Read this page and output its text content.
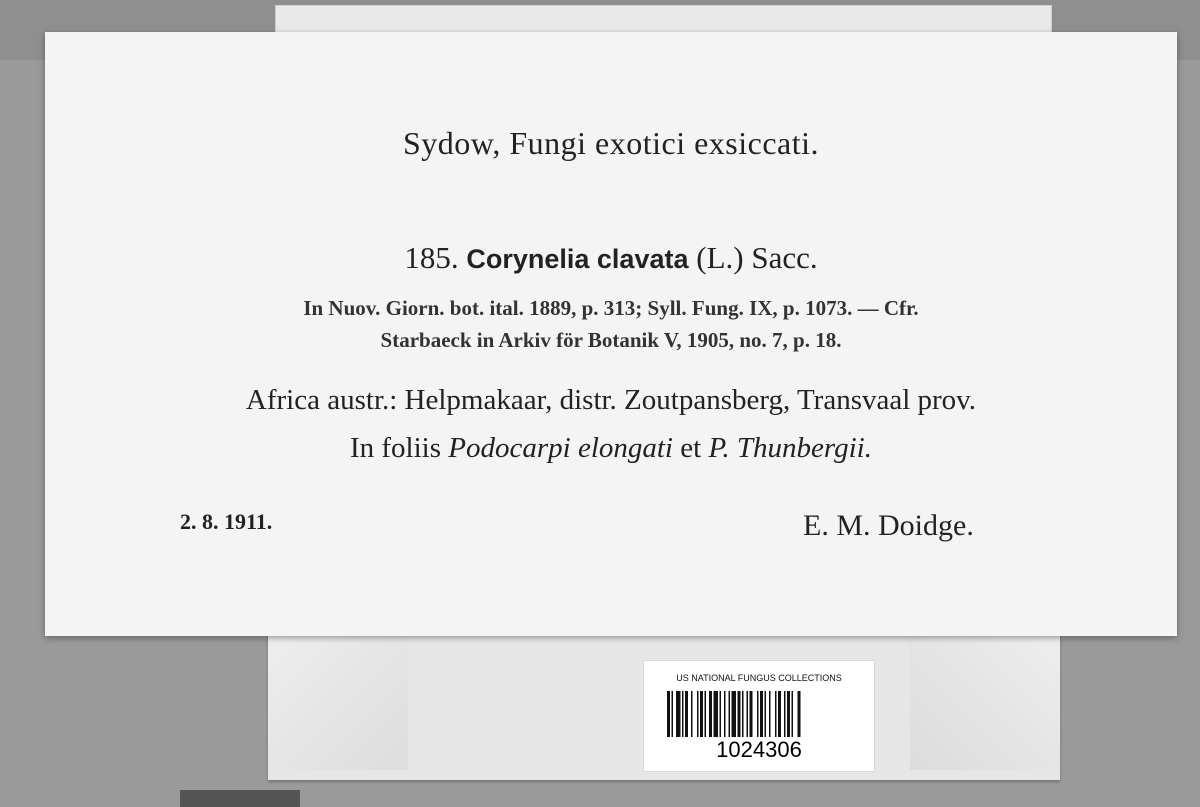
Sydow, Fungi exotici exsiccati.
185. Corynelia clavata (L.) Sacc.
In Nuov. Giorn. bot. ital. 1889, p. 313; Syll. Fung. IX, p. 1073. — Cfr.
Starbaeck in Arkiv för Botanik V, 1905, no. 7, p. 18.
Africa austr.: Helpmakaar, distr. Zoutpansberg, Transvaal prov.
In foliis Podocarpi elongati et P. Thunbergii.
2. 8. 1911.	E. M. Doidge.
US NATIONAL FUNGUS COLLECTIONS
1024306
